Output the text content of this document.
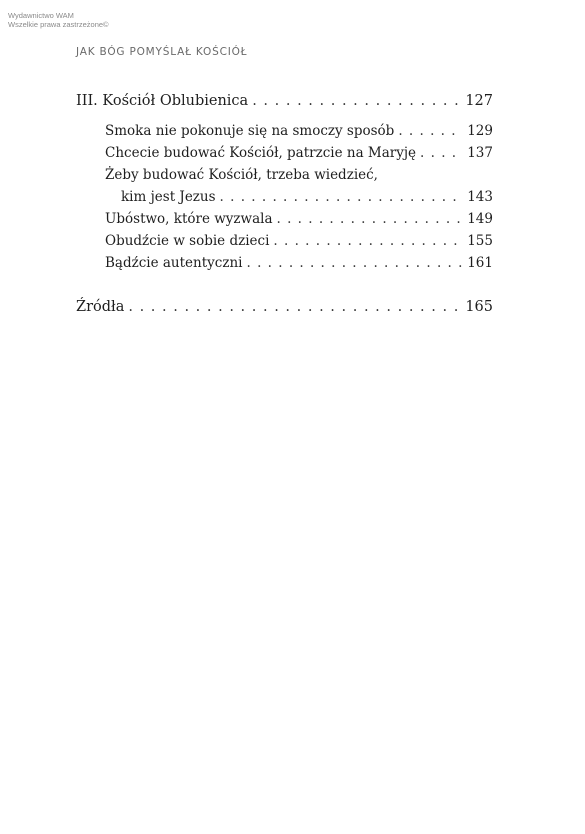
Wydawnictwo WAM
Wszelkie prawa zastrzeżone©
JAK BÓG POMYŚLAŁ KOŚCIÓŁ
III. Kościół Oblubienica . . .	127
Smoka nie pokonuje się na smoczy sposób . . .	129
Chcecie budować Kościół, patrzcie na Maryję . . .	137
Żeby budować Kościół, trzeba wiedzieć,
kim jest Jezus . . .	143
Ubóstwo, które wyzwala . . .	149
Obudźcie w sobie dzieci . . .	155
Bądźcie autentyczni . . .	161
Źródła . . .	165
